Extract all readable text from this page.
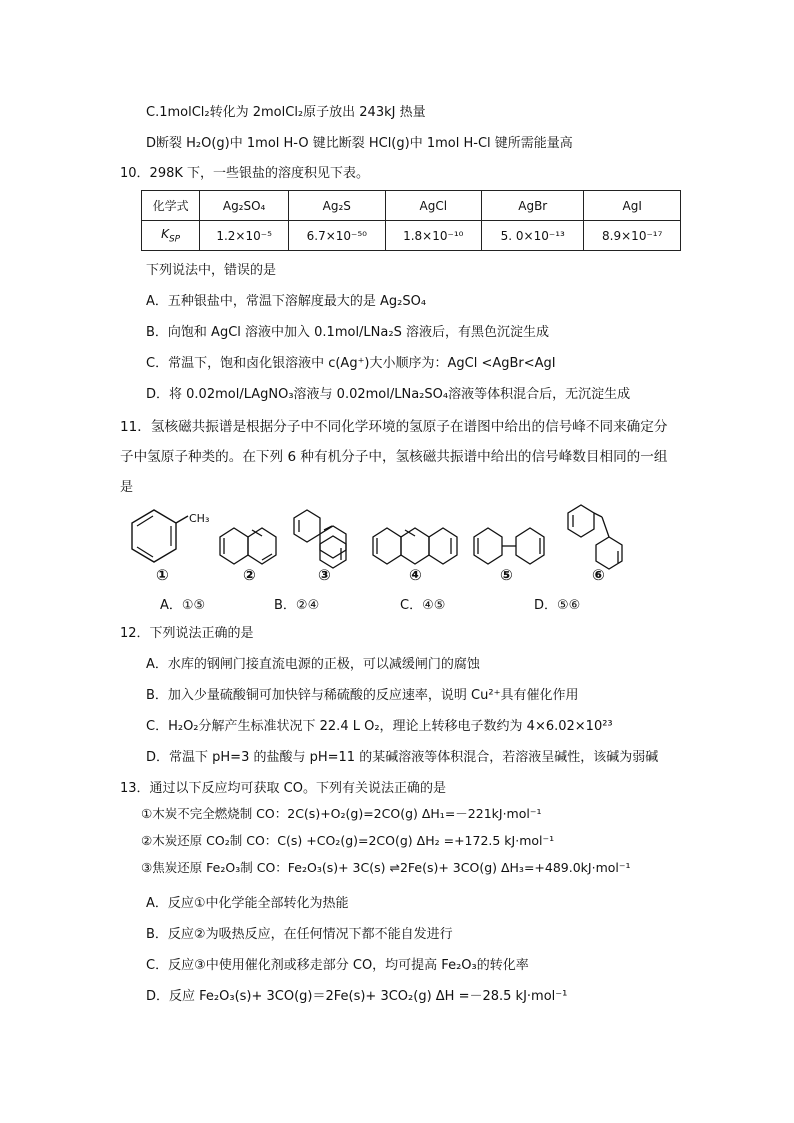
C.1molCl₂转化为 2molCl₂原子放出 243kJ 热量
D断裂 H₂O(g)中 1mol H-O 键比断裂 HCl(g)中 1mol H-Cl 键所需能量高
10．298K 下，一些银盐的溶度积见下表。
化学式	Ag₂SO₄	Ag₂S	AgCl	AgBr	AgI
$K_{SP}$	1.2×10⁻⁵	6.7×10⁻⁵⁰	1.8×10⁻¹⁰	5. 0×10⁻¹³	8.9×10⁻¹⁷
下列说法中，错误的是
A．五种银盐中，常温下溶解度最大的是 Ag₂SO₄
B．向饱和 AgCl 溶液中加入 0.1mol/LNa₂S 溶液后，有黑色沉淀生成
C．常温下，饱和卤化银溶液中 c(Ag⁺)大小顺序为：AgCl <AgBr<AgI
D．将 0.02mol/LAgNO₃溶液与 0.02mol/LNa₂SO₄溶液等体积混合后，无沉淀生成
11．氢核磁共振谱是根据分子中不同化学环境的氢原子在谱图中给出的信号峰不同来确定分
子中氢原子种类的。在下列 6 种有机分子中，氢核磁共振谱中给出的信号峰数目相同的一组
是
CH₃
①	②	③	④	⑤	⑥
A．①⑤	B．②④	C．④⑤	D．⑤⑥
12．下列说法正确的是
A．水库的钢闸门接直流电源的正极，可以减缓闸门的腐蚀
B．加入少量硫酸铜可加快锌与稀硫酸的反应速率，说明 Cu²⁺具有催化作用
C．H₂O₂分解产生标准状况下 22.4 L O₂，理论上转移电子数约为 4×6.02×10²³
D．常温下 pH=3 的盐酸与 pH=11 的某碱溶液等体积混合，若溶液呈碱性，该碱为弱碱
13．通过以下反应均可获取 CO。下列有关说法正确的是
①木炭不完全燃烧制 CO：2C(s)+O₂(g)=2CO(g) ΔH₁=－221kJ·mol⁻¹
②木炭还原 CO₂制 CO：C(s) +CO₂(g)=2CO(g) ΔH₂ =+172.5 kJ·mol⁻¹
③焦炭还原 Fe₂O₃制 CO：Fe₂O₃(s)+ 3C(s) ⇌2Fe(s)+ 3CO(g) ΔH₃=+489.0kJ·mol⁻¹
A．反应①中化学能全部转化为热能
B．反应②为吸热反应，在任何情况下都不能自发进行
C．反应③中使用催化剂或移走部分 CO，均可提高 Fe₂O₃的转化率
D．反应 Fe₂O₃(s)+ 3CO(g)＝2Fe(s)+ 3CO₂(g) ΔH =－28.5 kJ·mol⁻¹
